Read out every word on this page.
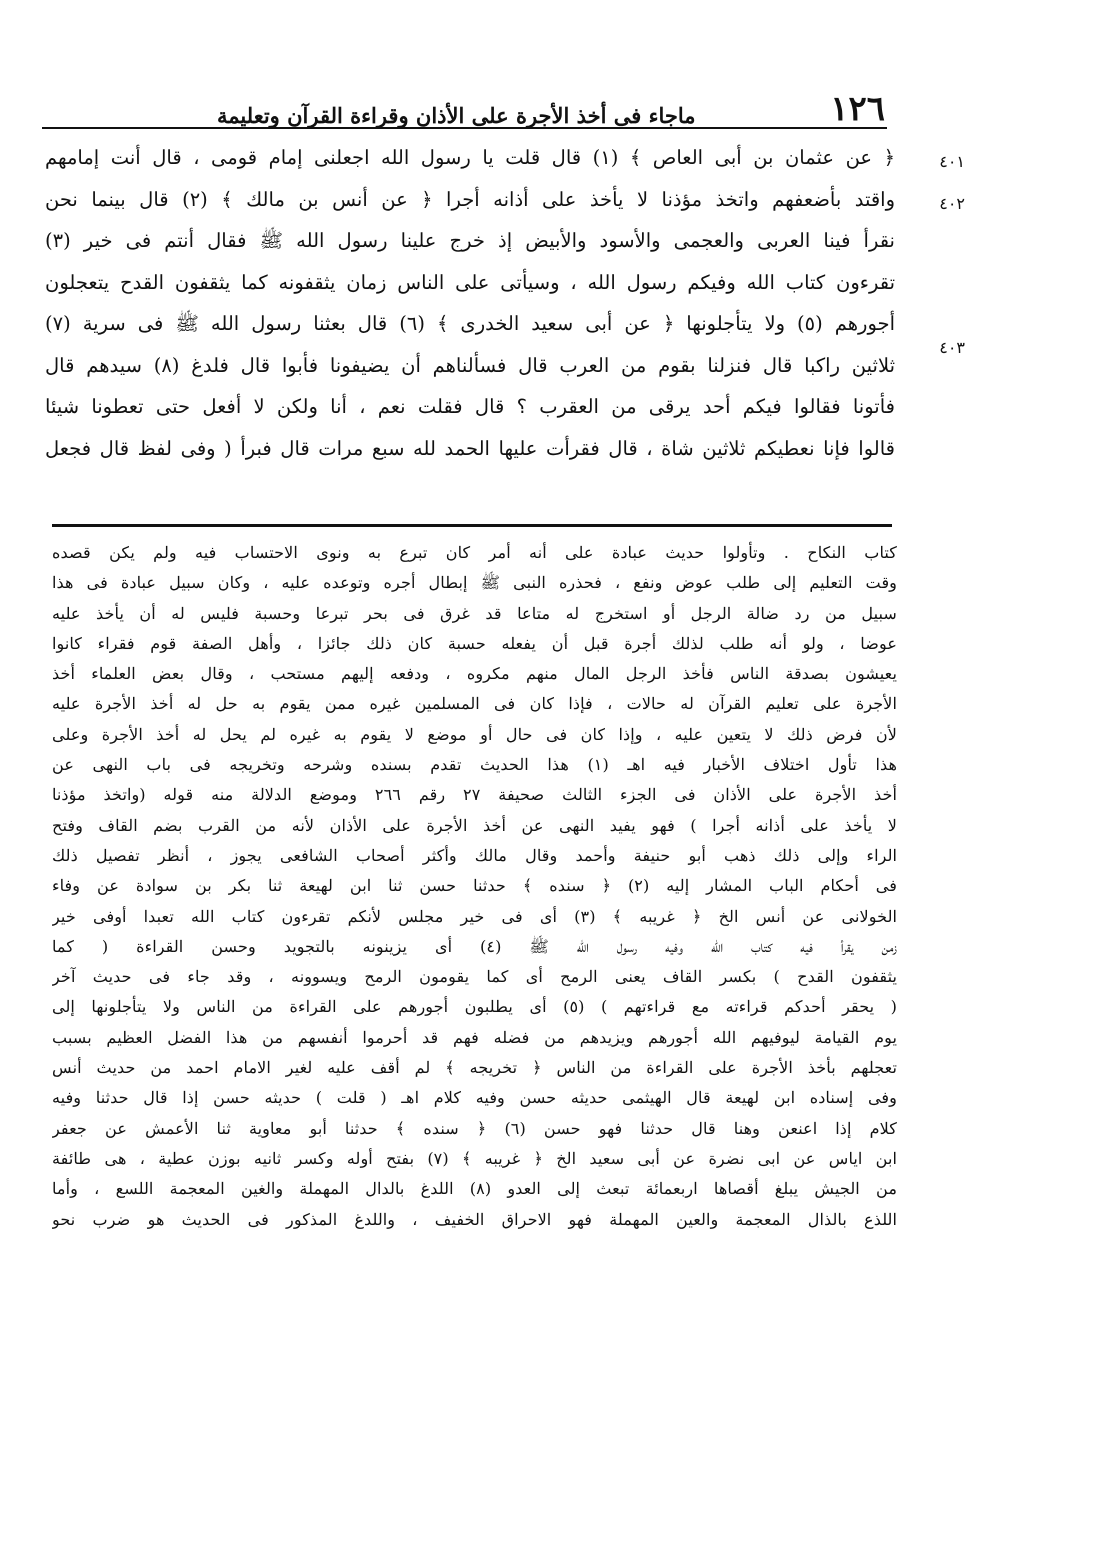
١٢٦
ماجاء فى أخذ الأجرة على الأذان وقراءة القرآن وتعليمة
٤٠١
٤٠٢
٤٠٣

﴿ عن عثمان بن أبى العاص ﴾ (١) قال قلت يا رسول الله اجعلنى إمام قومى ، قال أنت إمامهم

واقتد بأضعفهم واتخذ مؤذنا لا يأخذ على أذانه أجرا ﴿ عن أنس بن مالك ﴾ (٢) قال بينما نحن

نقرأ فينا العربى والعجمى والأسود والأبيض إذ خرج علينا رسول الله ﷺ فقال أنتم فى خير (٣)

تقرءون كتاب الله وفيكم رسول الله ، وسيأتى على الناس زمان يثقفونه كما يثقفون القدح يتعجلون

أجورهم (٥) ولا يتأجلونها ﴿ عن أبى سعيد الخدرى ﴾ (٦) قال بعثنا رسول الله ﷺ فى سرية (٧)

ثلاثين راكبا قال فنزلنا بقوم من العرب قال فسألناهم أن يضيفونا فأبوا قال فلدغ (٨) سيدهم قال

فأتونا فقالوا فيكم أحد يرقى من العقرب ؟ قال فقلت نعم ، أنا ولكن لا أفعل حتى تعطونا شيئا

قالوا فإنا نعطيكم ثلاثين شاة ، قال فقرأت عليها الحمد لله سبع مرات قال فبرأ ( وفى لفظ قال فجعل

كتاب النكاح . وتأولوا حديث عبادة على أنه أمر كان تبرع به ونوى الاحتساب فيه ولم يكن قصده

وقت التعليم إلى طلب عوض ونفع ، فحذره النبى ﷺ إبطال أجره وتوعده عليه ، وكان سبيل عبادة فى هذا

سبيل من رد ضالة الرجل أو استخرج له متاعا قد غرق فى بحر تبرعا وحسبة فليس له أن يأخذ عليه

عوضا ، ولو أنه طلب لذلك أجرة قبل أن يفعله حسبة كان ذلك جائزا ، وأهل الصفة قوم فقراء كانوا

يعيشون بصدقة الناس فأخذ الرجل المال منهم مكروه ، ودفعه إليهم مستحب ، وقال بعض العلماء أخذ

الأجرة على تعليم القرآن له حالات ، فإذا كان فى المسلمين غيره ممن يقوم به حل له أخذ الأجرة عليه

لأن فرض ذلك لا يتعين عليه ، وإذا كان فى حال أو موضع لا يقوم به غيره لم يحل له أخذ الأجرة وعلى

هذا تأول اختلاف الأخبار فيه اهـ (١) هذا الحديث تقدم بسنده وشرحه وتخريجه فى باب النهى عن

أخذ الأجرة على الأذان فى الجزء الثالث صحيفة ٢٧ رقم ٢٦٦ وموضع الدلالة منه قوله (واتخذ مؤذنا

لا يأخذ على أذانه أجرا ) فهو يفيد النهى عن أخذ الأجرة على الأذان لأنه من القرب بضم القاف وفتح

الراء وإلى ذلك ذهب أبو حنيفة وأحمد وقال مالك وأكثر أصحاب الشافعى يجوز ، أنظر تفصيل ذلك

فى أحكام الباب المشار إليه (٢) ﴿ سنده ﴾ حدثنا حسن ثنا ابن لهيعة ثنا بكر بن سوادة عن وفاء

الخولانى عن أنس الخ ﴿ غريبه ﴾ (٣) أى فى خير مجلس لأنكم تقرءون كتاب الله تعبدا أوفى خير

زمن يقرأ فيه كتاب الله وفيه رسول الله ﷺ (٤) أى يزينونه بالتجويد وحسن القراءة ( كما

يثقفون القدح ) بكسر القاف يعنى الرمح أى كما يقومون الرمح ويسوونه ، وقد جاء فى حديث آخر

( يحقر أحدكم قراءته مع قراءتهم ) (٥) أى يطلبون أجورهم على القراءة من الناس ولا يتأجلونها إلى

يوم القيامة ليوفيهم الله أجورهم ويزيدهم من فضله فهم قد أحرموا أنفسهم من هذا الفضل العظيم بسبب

تعجلهم بأخذ الأجرة على القراءة من الناس ﴿ تخريجه ﴾ لم أقف عليه لغير الامام احمد من حديث أنس

وفى إسناده ابن لهيعة قال الهيثمى حديثه حسن وفيه كلام اهـ ( قلت ) حديثه حسن إذا قال حدثنا وفيه

كلام إذا اعنعن وهنا قال حدثنا فهو حسن (٦) ﴿ سنده ﴾ حدثنا أبو معاوية ثنا الأعمش عن جعفر

ابن اياس عن ابى نضرة عن أبى سعيد الخ ﴿ غريبه ﴾ (٧) بفتح أوله وكسر ثانيه بوزن عطية ، هى طائفة

من الجيش يبلغ أقصاها اربعمائة تبعث إلى العدو (٨) اللدغ بالدال المهملة والغين المعجمة اللسع ، وأما

اللذع بالذال المعجمة والعين المهملة فهو الاحراق الخفيف ، واللدغ المذكور فى الحديث هو ضرب نحو
